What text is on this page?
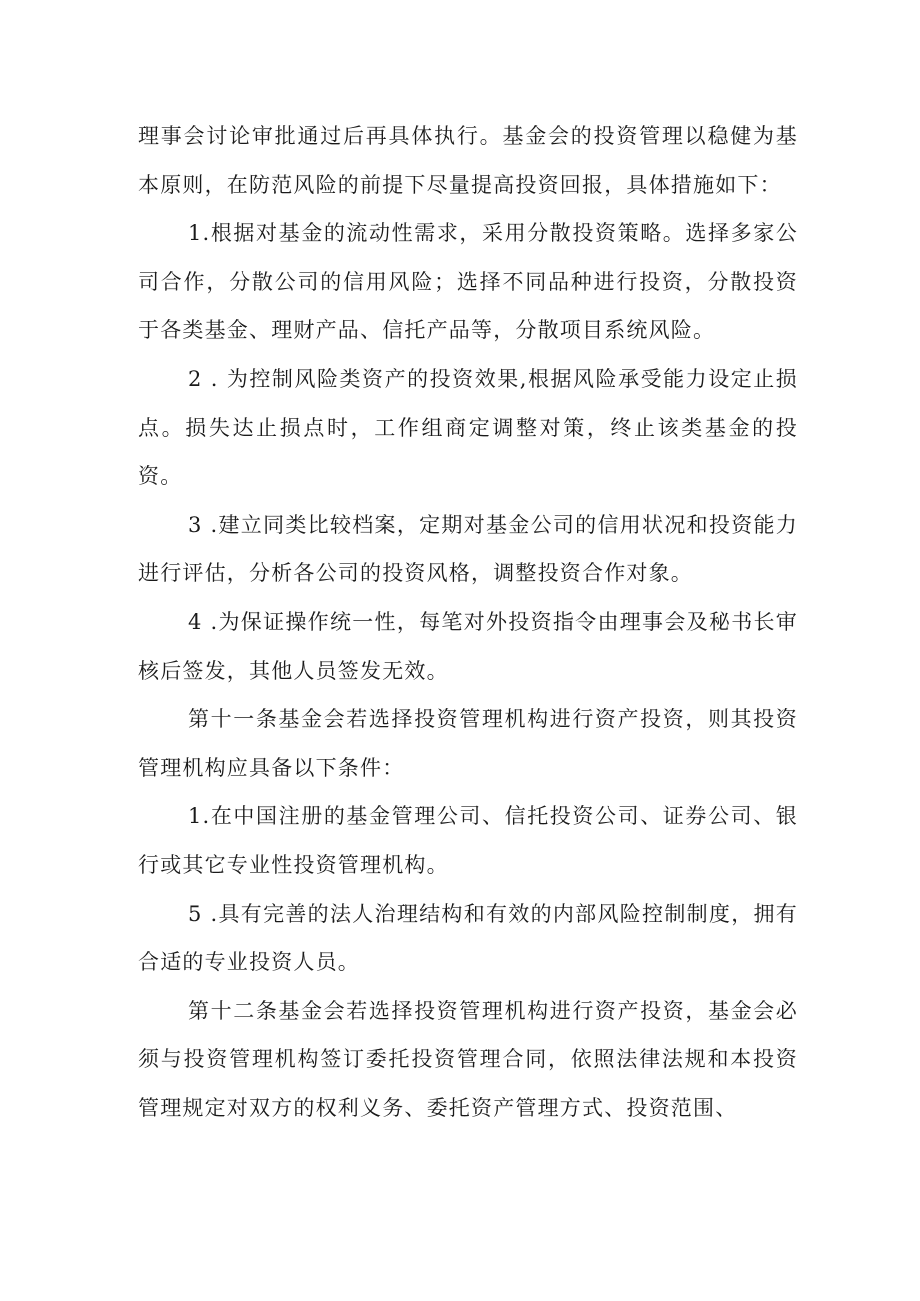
理事会讨论审批通过后再具体执行。基金会的投资管理以稳健为基本原则，在防范风险的前提下尽量提高投资回报，具体措施如下：

1.根据对基金的流动性需求，采用分散投资策略。选择多家公司合作，分散公司的信用风险；选择不同品种进行投资，分散投资于各类基金、理财产品、信托产品等，分散项目系统风险。

2 . 为控制风险类资产的投资效果,根据风险承受能力设定止损点。损失达止损点时，工作组商定调整对策，终止该类基金的投资。

3 .建立同类比较档案，定期对基金公司的信用状况和投资能力进行评估，分析各公司的投资风格，调整投资合作对象。

4 .为保证操作统一性，每笔对外投资指令由理事会及秘书长审核后签发，其他人员签发无效。

第十一条基金会若选择投资管理机构进行资产投资，则其投资管理机构应具备以下条件：

1.在中国注册的基金管理公司、信托投资公司、证券公司、银行或其它专业性投资管理机构。

5 .具有完善的法人治理结构和有效的内部风险控制制度，拥有合适的专业投资人员。

第十二条基金会若选择投资管理机构进行资产投资，基金会必须与投资管理机构签订委托投资管理合同，依照法律法规和本投资管理规定对双方的权利义务、委托资产管理方式、投资范围、
